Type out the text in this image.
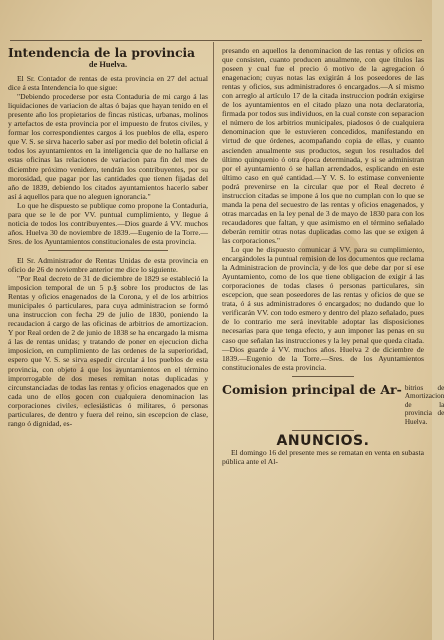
Intendencia de la provincia
de Huelva.

El Sr. Contador de rentas de esta provincia en 27 del actual dice á esta Intendencia lo que sigue:

"Debiendo procederse por esta Contaduria de mi cargo á las liquidaciones de variacion de altas ó bajas que hayan tenido en el presente año los propietarios de fincas rústicas, urbanas, molinos y artefactos de esta provincia por el impuesto de frutos civiles, y formar los correspondientes cargos á los pueblos de ella, espero que V. S. se sirva hacerlo saber así por medio del boletin oficial á todos los ayuntamientos en la inteligencia que de no hallarse en estas oficinas las relaciones de variacion para fin del mes de diciembre próximo venidero, tendrán los contribuyentes, por su morosidad, que pagar por las cantidades que tienen fijadas del año de 1839, debiendo los citados ayuntamientos hacerlo saber así á aquellos para que no aleguen ignorancia."

Lo que he dispuesto se publique como propone la Contaduria, para que se le de por VV. puntual cumplimiento, y llegue á noticia de todos los contribuyentes.—Dios guarde á VV. muchos años. Huelva 30 de noviembre de 1839.—Eugenio de la Torre.—Sres. de los Ayuntamientos constitucionales de esta provincia.

El Sr. Administrador de Rentas Unidas de esta provincia en oficio de 26 de noviembre anterior me dice lo siguiente.

"Por Real decreto de 31 de diciembre de 1829 se estableció la imposicion temporal de un 5 p.§ sobre los productos de las Rentas y oficios enagenados de la Corona, y el de los arbitrios municipales ó particulares, para cuya administracion se formó una instruccion con fecha 29 de julio de 1830, poniendo la recaudacion á cargo de las oficinas de arbitrios de amortizacion. Y por Real orden de 2 de junio de 1838 se ha encargado la misma á las de rentas unidas; y tratando de poner en ejecucion dicha imposicion, en cumplimiento de las ordenes de la superioridad, espero que V. S. se sirva espedir circular á los pueblos de esta provincia, con objeto á que los ayuntamientos en el término improrrogable de dos meses remitan notas duplicadas y circunstanciadas de todas las rentas y oficios enagenados que en cada uno de ellos gocen con cualquiera denominacion las corporaciones civiles, eclesiásticas ó militares, ó personas particulares, de dentro y fuera del reino, sin escepcion de clase, rango ó dignidad, es-

presando en aquellos la denominacion de las rentas y oficios en que consisten, cuanto producen anualmente, con que títulos las poseen y cual fue el precio ó motivo de la agregacion ó enagenacion; cuyas notas las exigirán á los poseedores de las rentas y oficios, sus administradores ó encargados.—A sí mismo con arreglo al artículo 17 de la citada instruccion podrán exigirse de los ayuntamientos en el citado plazo una nota declaratoria, firmada por todos sus individuos, en la cual conste con separacion el número de los arbitrios municipales, piadosos ó de cualquiera denominacion que le estuvieren concedidos, manifestando en virtud de que órdenes, acompañando copia de ellas, y cuanto ascienden anualmente sus productos, segun los resultados del último quinquenio ó otra época determinada, y si se administran por el ayuntamiento ó se hallan arrendados, esplicando en este último caso en qué cantidad.—Y V. S. lo estimase conveniente podrá prevenirse en la circular que por el Real decreto é instruccion citadas se impone á los que no cumplan con lo que se manda la pena del secuestro de las rentas y oficios enagenados, y otras marcadas en la ley penal de 3 de mayo de 1830 para con los recaudadores que faltan, y que asimismo en el término señalado deberán remitir otras notas duplicadas como las que se exigen á las corporaciones."

Lo que he dispuesto comunicar á VV. para su cumplimiento, encargándoles la puntual remision de los documentos que reclama la Administracion de provincia, y de los que debe dar por sí ese Ayuntamiento, como de los que tiene obligacion de exigir á las corporaciones de todas clases ó personas particulares, sin escepcion, que sean poseedores de las rentas y oficios de que se trata, ó á sus administradores ó encargados; no dudando que lo verificarán VV. con todo esmero y dentro del plazo señalado, pues de lo contrario me será inevitable adoptar las disposiciones necesarias para que tenga efecto, y aun imponer las penas en su caso que señalan las instrucciones y la ley penal que queda citada.—Dios guarde á VV. muchos años. Huelva 2 de diciembre de 1839.—Eugenio de la Torre.—Sres. de los Ayuntamientos constitucionales de esta provincia.

Comision principal de Ar- bitrios de Amortizacion de la provincia de Huelva.
ANUNCIOS.

El domingo 16 del presente mes se rematan en venta en subasta pública ante el Al-
